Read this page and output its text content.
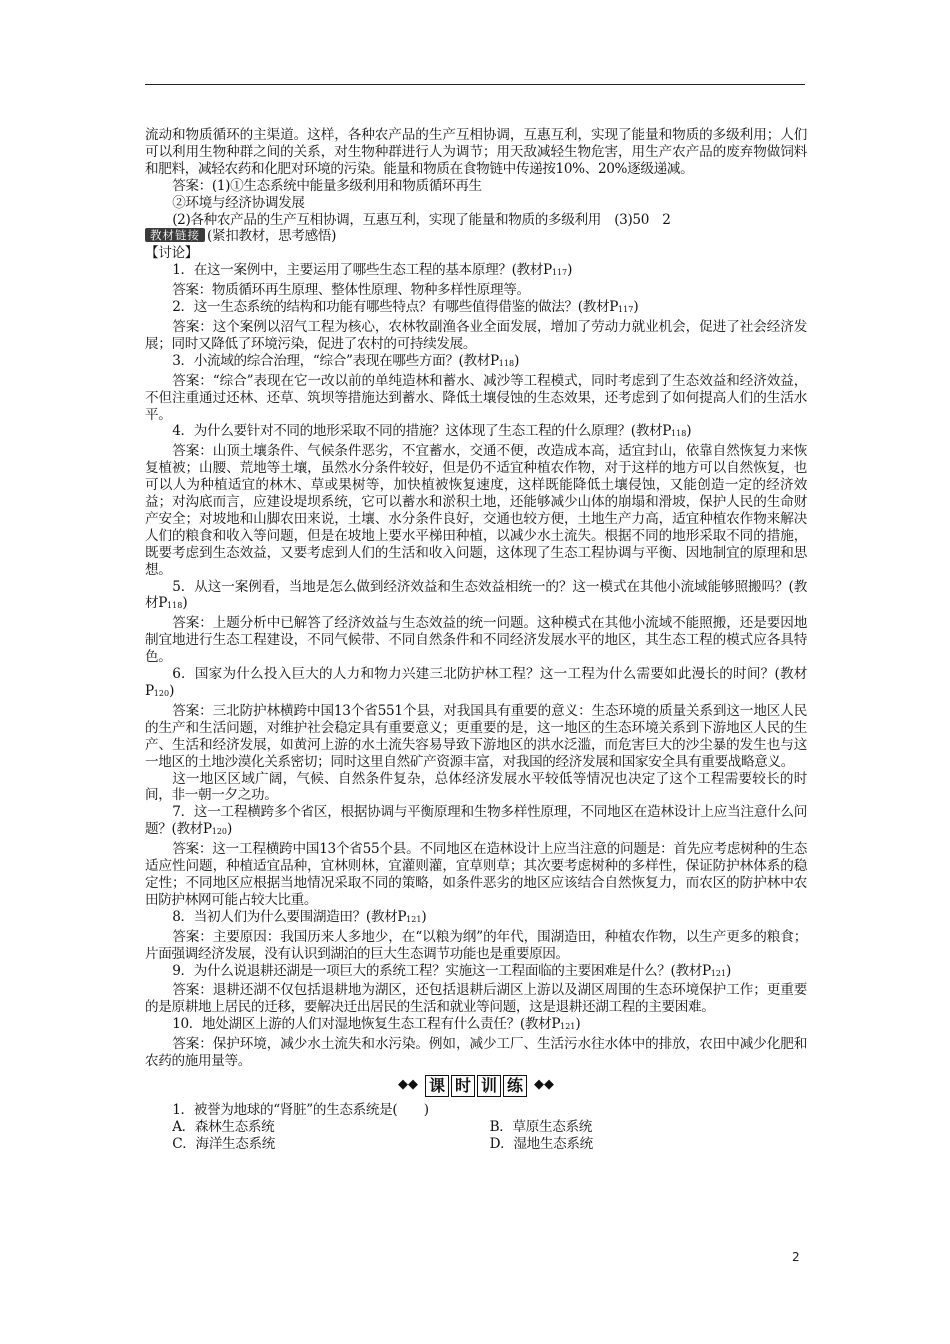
流动和物质循环的主渠道。这样，各种农产品的生产互相协调，互惠互利，实现了能量和物质的多级利用；人们可以利用生物种群之间的关系，对生物种群进行人为调节；用天敌减轻生物危害，用生产农产品的废弃物做饲料和肥料，减轻农药和化肥对环境的污染。能量和物质在食物链中传递按10%、20%逐级递减。

答案：(1)①生态系统中能量多级利用和物质循环再生

②环境与经济协调发展

(2)各种农产品的生产互相协调，互惠互利，实现了能量和物质的多级利用　(3)50　2

教材链接 (紧扣教材，思考感悟)

【讨论】

1．在这一案例中，主要运用了哪些生态工程的基本原理？(教材P117)

答案：物质循环再生原理、整体性原理、物种多样性原理等。

2．这一生态系统的结构和功能有哪些特点？有哪些值得借鉴的做法？(教材P117)

答案：这个案例以沼气工程为核心，农林牧副渔各业全面发展，增加了劳动力就业机会，促进了社会经济发展；同时又降低了环境污染，促进了农村的可持续发展。

3．小流域的综合治理，“综合”表现在哪些方面？(教材P118)

答案：“综合”表现在它一改以前的单纯造林和蓄水、减沙等工程模式，同时考虑到了生态效益和经济效益，不但注重通过还林、还草、筑坝等措施达到蓄水、降低土壤侵蚀的生态效果，还考虑到了如何提高人们的生活水平。

4．为什么要针对不同的地形采取不同的措施？这体现了生态工程的什么原理？(教材P118)

答案：山顶土壤条件、气候条件恶劣，不宜蓄水，交通不便，改造成本高，适宜封山，依靠自然恢复力来恢复植被；山腰、荒地等土壤，虽然水分条件较好，但是仍不适宜种植农作物，对于这样的地方可以自然恢复，也可以人为种植适宜的林木、草或果树等，加快植被恢复速度，这样既能降低土壤侵蚀，又能创造一定的经济效益；对沟底而言，应建设堤坝系统，它可以蓄水和淤积土地，还能够减少山体的崩塌和滑坡，保护人民的生命财产安全；对坡地和山脚农田来说，土壤、水分条件良好，交通也较方便，土地生产力高，适宜种植农作物来解决人们的粮食和收入等问题，但是在坡地上要水平梯田种植，以减少水土流失。根据不同的地形采取不同的措施，既要考虑到生态效益，又要考虑到人们的生活和收入问题，这体现了生态工程协调与平衡、因地制宜的原理和思想。

5．从这一案例看，当地是怎么做到经济效益和生态效益相统一的？这一模式在其他小流域能够照搬吗？(教材P118)

答案：上题分析中已解答了经济效益与生态效益的统一问题。这种模式在其他小流域不能照搬，还是要因地制宜地进行生态工程建设，不同气候带、不同自然条件和不同经济发展水平的地区，其生态工程的模式应各具特色。

6．国家为什么投入巨大的人力和物力兴建三北防护林工程？这一工程为什么需要如此漫长的时间？(教材P120)

答案：三北防护林横跨中国13个省551个县，对我国具有重要的意义：生态环境的质量关系到这一地区人民的生产和生活问题，对维护社会稳定具有重要意义；更重要的是，这一地区的生态环境关系到下游地区人民的生产、生活和经济发展，如黄河上游的水土流失容易导致下游地区的洪水泛滥，而危害巨大的沙尘暴的发生也与这一地区的土地沙漠化关系密切；同时这里自然矿产资源丰富，对我国的经济发展和国家安全具有重要战略意义。

这一地区区域广阔，气候、自然条件复杂，总体经济发展水平较低等情况也决定了这个工程需要较长的时间，非一朝一夕之功。

7．这一工程横跨多个省区，根据协调与平衡原理和生物多样性原理，不同地区在造林设计上应当注意什么问题？(教材P120)

答案：这一工程横跨中国13个省55个县。不同地区在造林设计上应当注意的问题是：首先应考虑树种的生态适应性问题，种植适宜品种，宜林则林，宜灌则灌，宜草则草；其次要考虑树种的多样性，保证防护林体系的稳定性；不同地区应根据当地情况采取不同的策略，如条件恶劣的地区应该结合自然恢复力，而农区的防护林中农田防护林网可能占较大比重。

8．当初人们为什么要围湖造田？(教材P121)

答案：主要原因：我国历来人多地少，在“以粮为纲”的年代，围湖造田，种植农作物，以生产更多的粮食；片面强调经济发展，没有认识到湖泊的巨大生态调节功能也是重要原因。

9．为什么说退耕还湖是一项巨大的系统工程？实施这一工程面临的主要困难是什么？(教材P121)

答案：退耕还湖不仅包括退耕地为湖区，还包括退耕后湖区上游以及湖区周围的生态环境保护工作；更重要的是原耕地上居民的迁移，要解决迁出居民的生活和就业等问题，这是退耕还湖工程的主要困难。

10．地处湖区上游的人们对湿地恢复生态工程有什么责任？(教材P121)

答案：保护环境，减少水土流失和水污染。例如，减少工厂、生活污水往水体中的排放，农田中减少化肥和农药的施用量等。

◆◆ 课 时 训 练 ◆◆

1．被誉为地球的“肾脏”的生态系统是(　　)

A．森林生态系统	B．草原生态系统
C．海洋生态系统	D．湿地生态系统
2
